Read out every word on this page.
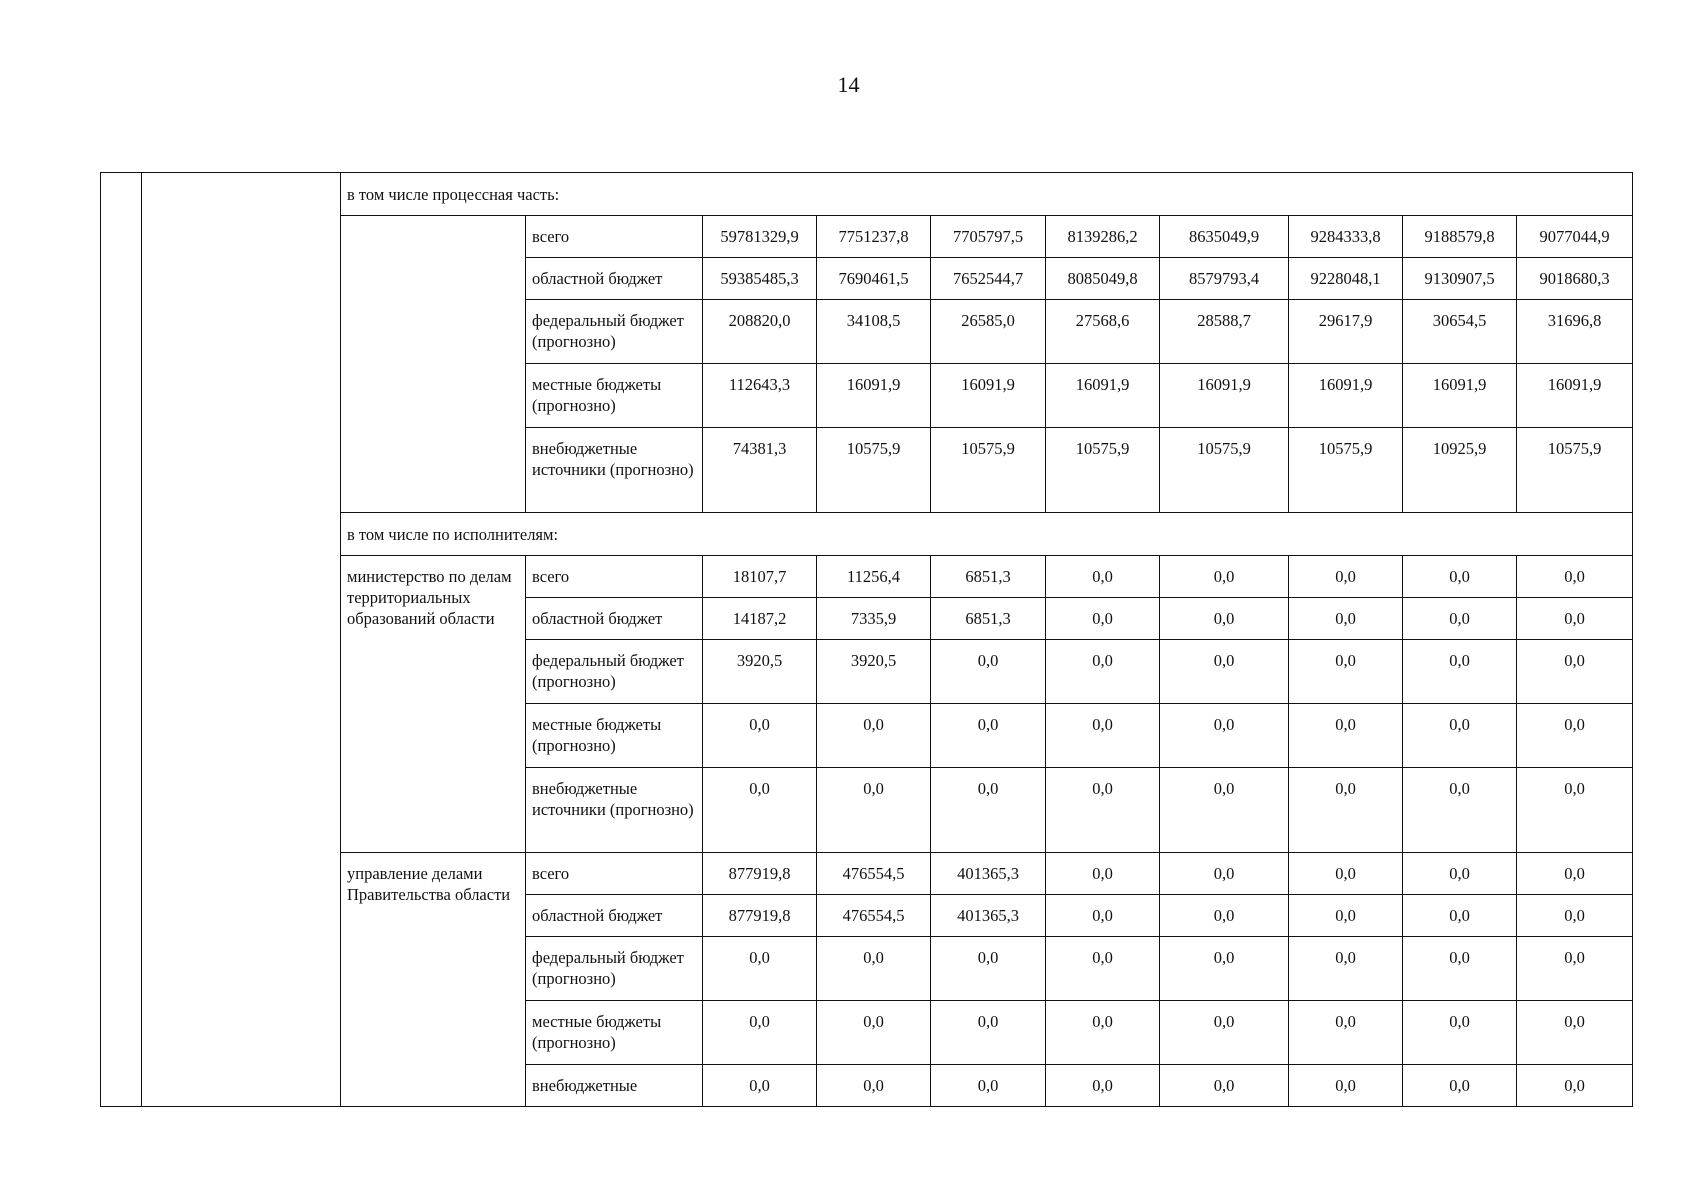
14
		в том числе процессная часть:									
			всего	59781329,9	7751237,8	7705797,5	8139286,2	8635049,9	9284333,8	9188579,8	9077044,9
			областной бюджет	59385485,3	7690461,5	7652544,7	8085049,8	8579793,4	9228048,1	9130907,5	9018680,3
			федеральный бюджет (прогнозно)	208820,0	34108,5	26585,0	27568,6	28588,7	29617,9	30654,5	31696,8
			местные бюджеты (прогнозно)	112643,3	16091,9	16091,9	16091,9	16091,9	16091,9	16091,9	16091,9
			внебюджетные источники (прогнозно)	74381,3	10575,9	10575,9	10575,9	10575,9	10575,9	10925,9	10575,9
		в том числе по исполнителям:									
		министерство по делам территориальных образований области	всего	18107,7	11256,4	6851,3	0,0	0,0	0,0	0,0	0,0
			областной бюджет	14187,2	7335,9	6851,3	0,0	0,0	0,0	0,0	0,0
			федеральный бюджет (прогнозно)	3920,5	3920,5	0,0	0,0	0,0	0,0	0,0	0,0
			местные бюджеты (прогнозно)	0,0	0,0	0,0	0,0	0,0	0,0	0,0	0,0
			внебюджетные источники (прогнозно)	0,0	0,0	0,0	0,0	0,0	0,0	0,0	0,0
		управление делами Правительства области	всего	877919,8	476554,5	401365,3	0,0	0,0	0,0	0,0	0,0
			областной бюджет	877919,8	476554,5	401365,3	0,0	0,0	0,0	0,0	0,0
			федеральный бюджет (прогнозно)	0,0	0,0	0,0	0,0	0,0	0,0	0,0	0,0
			местные бюджеты (прогнозно)	0,0	0,0	0,0	0,0	0,0	0,0	0,0	0,0
			внебюджетные	0,0	0,0	0,0	0,0	0,0	0,0	0,0	0,0
